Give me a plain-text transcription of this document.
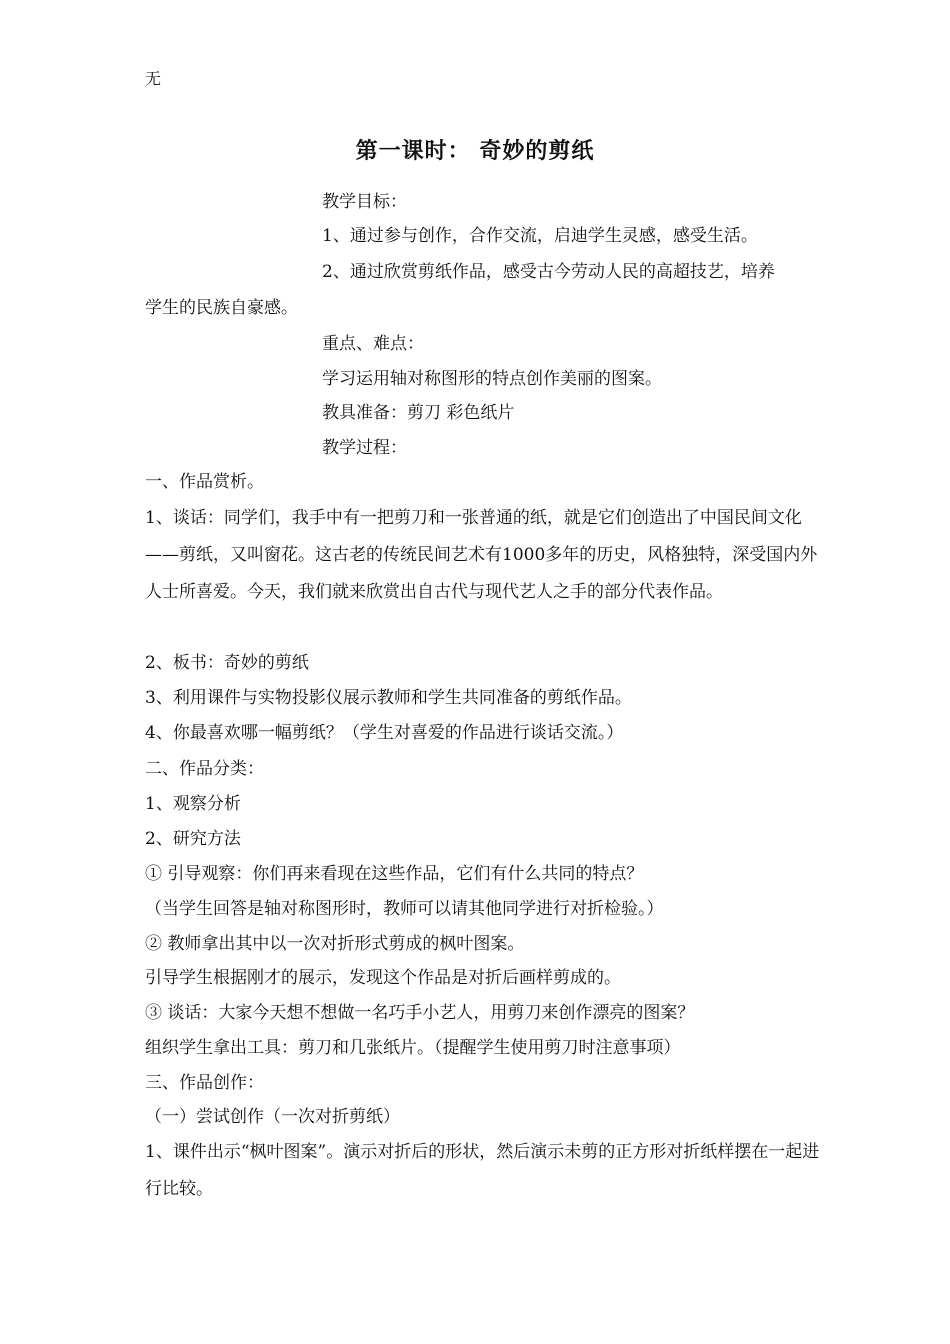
无
第一课时： 奇妙的剪纸
教学目标：
1、通过参与创作，合作交流，启迪学生灵感，感受生活。
2、通过欣赏剪纸作品，感受古今劳动人民的高超技艺，培养
学生的民族自豪感。
重点、难点：
学习运用轴对称图形的特点创作美丽的图案。
教具准备：剪刀 彩色纸片
教学过程：
一、作品赏析。
1、谈话：同学们，我手中有一把剪刀和一张普通的纸，就是它们创造出了中国民间文化——剪纸，又叫窗花。这古老的传统民间艺术有1000多年的历史，风格独特，深受国内外人士所喜爱。今天，我们就来欣赏出自古代与现代艺人之手的部分代表作品。
2、板书：奇妙的剪纸
3、利用课件与实物投影仪展示教师和学生共同准备的剪纸作品。
4、你最喜欢哪一幅剪纸？（学生对喜爱的作品进行谈话交流。）
二、作品分类：
1、观察分析
2、研究方法
① 引导观察：你们再来看现在这些作品，它们有什么共同的特点？
（当学生回答是轴对称图形时，教师可以请其他同学进行对折检验。）
② 教师拿出其中以一次对折形式剪成的枫叶图案。
引导学生根据刚才的展示，发现这个作品是对折后画样剪成的。
③ 谈话：大家今天想不想做一名巧手小艺人，用剪刀来创作漂亮的图案？
组织学生拿出工具：剪刀和几张纸片。（提醒学生使用剪刀时注意事项）
三、作品创作：
（一）尝试创作（一次对折剪纸）
1、课件出示“枫叶图案”。演示对折后的形状，然后演示未剪的正方形对折纸样摆在一起进行比较。
